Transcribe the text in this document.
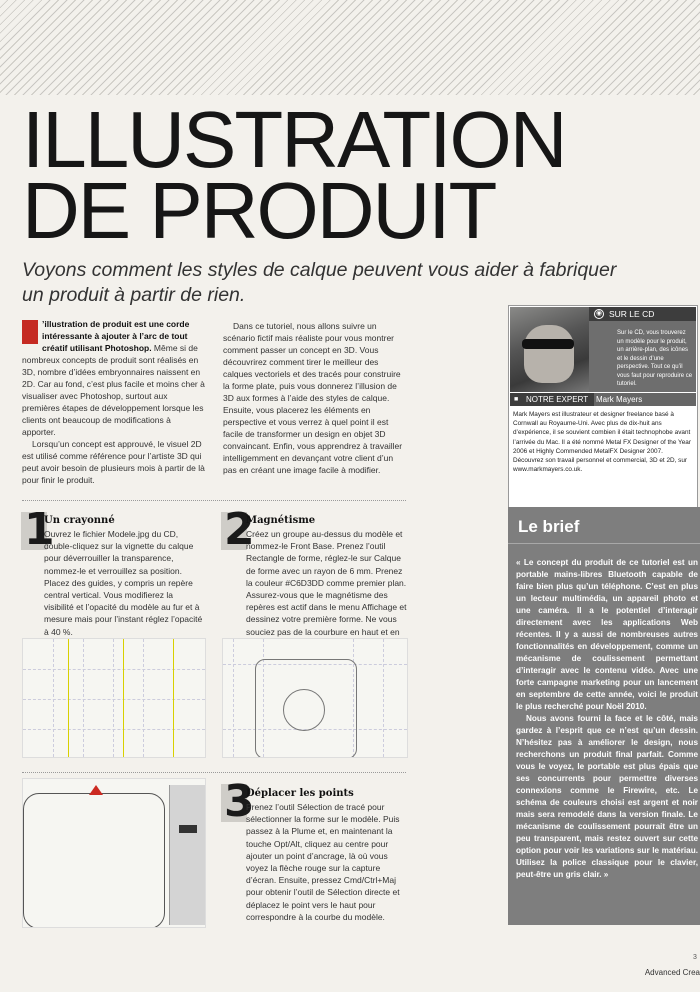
ILLUSTRATION
DE PRODUIT
Voyons comment les styles de calque peuvent vous aider à fabriquer un produit à partir de rien.

’illustration de produit est une corde intéressante à ajouter à l’arc de tout créatif utilisant Photoshop. Même si de nombreux concepts de produit sont réalisés en 3D, nombre d’idées embryonnaires naissent en 2D. Car au fond, c’est plus facile et moins cher à visualiser avec Photoshop, surtout aux premières étapes de développement lorsque les clients ont beaucoup de modifications à apporter.

Lorsqu’un concept est approuvé, le visuel 2D est utilisé comme référence pour l’artiste 3D qui peut avoir besoin de plusieurs mois à partir de là pour finir le produit.

Dans ce tutoriel, nous allons suivre un scénario fictif mais réaliste pour vous montrer comment passer un concept en 3D. Vous découvrirez comment tirer le meilleur des calques vectoriels et des tracés pour construire la forme plate, puis vous donnerez l’illusion de 3D aux formes à l’aide des styles de calque. Ensuite, vous placerez les éléments en perspective et vous verrez à quel point il est facile de transformer un design en objet 3D convaincant. Enfin, vous apprendrez à travailler intelligemment en devançant votre client d’un pas en créant une image facile à modifier.

1
Un crayonné
Ouvrez le fichier Modele.jpg du CD, double-cliquez sur la vignette du calque pour déverrouiller la transparence, nommez-le et verrouillez sa position. Placez des guides, y compris un repère central vertical. Vous modifierez la visibilité et l’opacité du modèle au fur et à mesure mais pour l’instant réglez l’opacité à 40 %.
2
Magnétisme
Créez un groupe au-dessus du modèle et nommez-le Front Base. Prenez l’outil Rectangle de forme, réglez-le sur Calque de forme avec un rayon de 6 mm. Prenez la couleur #C6D3DD comme premier plan. Assurez-vous que le magnétisme des repères est actif dans le menu Affichage et dessinez votre première forme. Ne vous souciez pas de la courbure en haut et en
3
Déplacer les points
Prenez l’outil Sélection de tracé pour sélectionner la forme sur le modèle. Puis passez à la Plume et, en maintenant la touche Opt/Alt, cliquez au centre pour ajouter un point d’ancrage, là où vous voyez la flèche rouge sur la capture d’écran. Ensuite, pressez Cmd/Ctrl+Maj pour obtenir l’outil de Sélection directe et déplacez le point vers le haut pour correspondre à la courbe du modèle.
◉ SUR LE CD
Sur le CD, vous trouverez un modèle pour le produit, un arrière-plan, des icônes et le dessin d’une perspective. Tout ce qu’il vous faut pour reproduire ce tutoriel.
■ NOTRE EXPERT Mark Mayers
Mark Mayers est illustrateur et designer freelance basé à Cornwall au Royaume-Uni. Avec plus de dix-huit ans d’expérience, il se souvient combien il était technophobe avant l’arrivée du Mac. Il a été nommé Metal FX Designer of the Year 2006 et Highly Commended MetalFX Designer 2007. Découvrez son travail personnel et commercial, 3D et 2D, sur www.markmayers.co.uk.
Le brief

« Le concept du produit de ce tutoriel est un portable mains-libres Bluetooth capable de faire bien plus qu’un téléphone. C’est en plus un lecteur multimédia, un appareil photo et une caméra. Il a le potentiel d’interagir directement avec les applications Web récentes. Il y a aussi de nombreuses autres fonctionnalités en développement, comme un mécanisme de coulissement permettant d’interagir avec le contenu vidéo. Avec une forte campagne marketing pour un lancement en septembre de cette année, voici le produit le plus recherché pour Noël 2010.

Nous avons fourni la face et le côté, mais gardez à l’esprit que ce n’est qu’un dessin. N’hésitez pas à améliorer le design, nous recherchons un produit final parfait. Comme vous le voyez, le portable est plus épais que ses concurrents pour permettre diverses connexions comme le Firewire, etc. Le schéma de couleurs choisi est argent et noir mais sera remodelé dans la version finale. Le mécanisme de coulissement pourrait être un peu transparent, mais restez ouvert sur cette option pour voir les variations sur le matériau. Utilisez la police classique pour le clavier, peut-être un gris clair. »

3
Advanced Crea
